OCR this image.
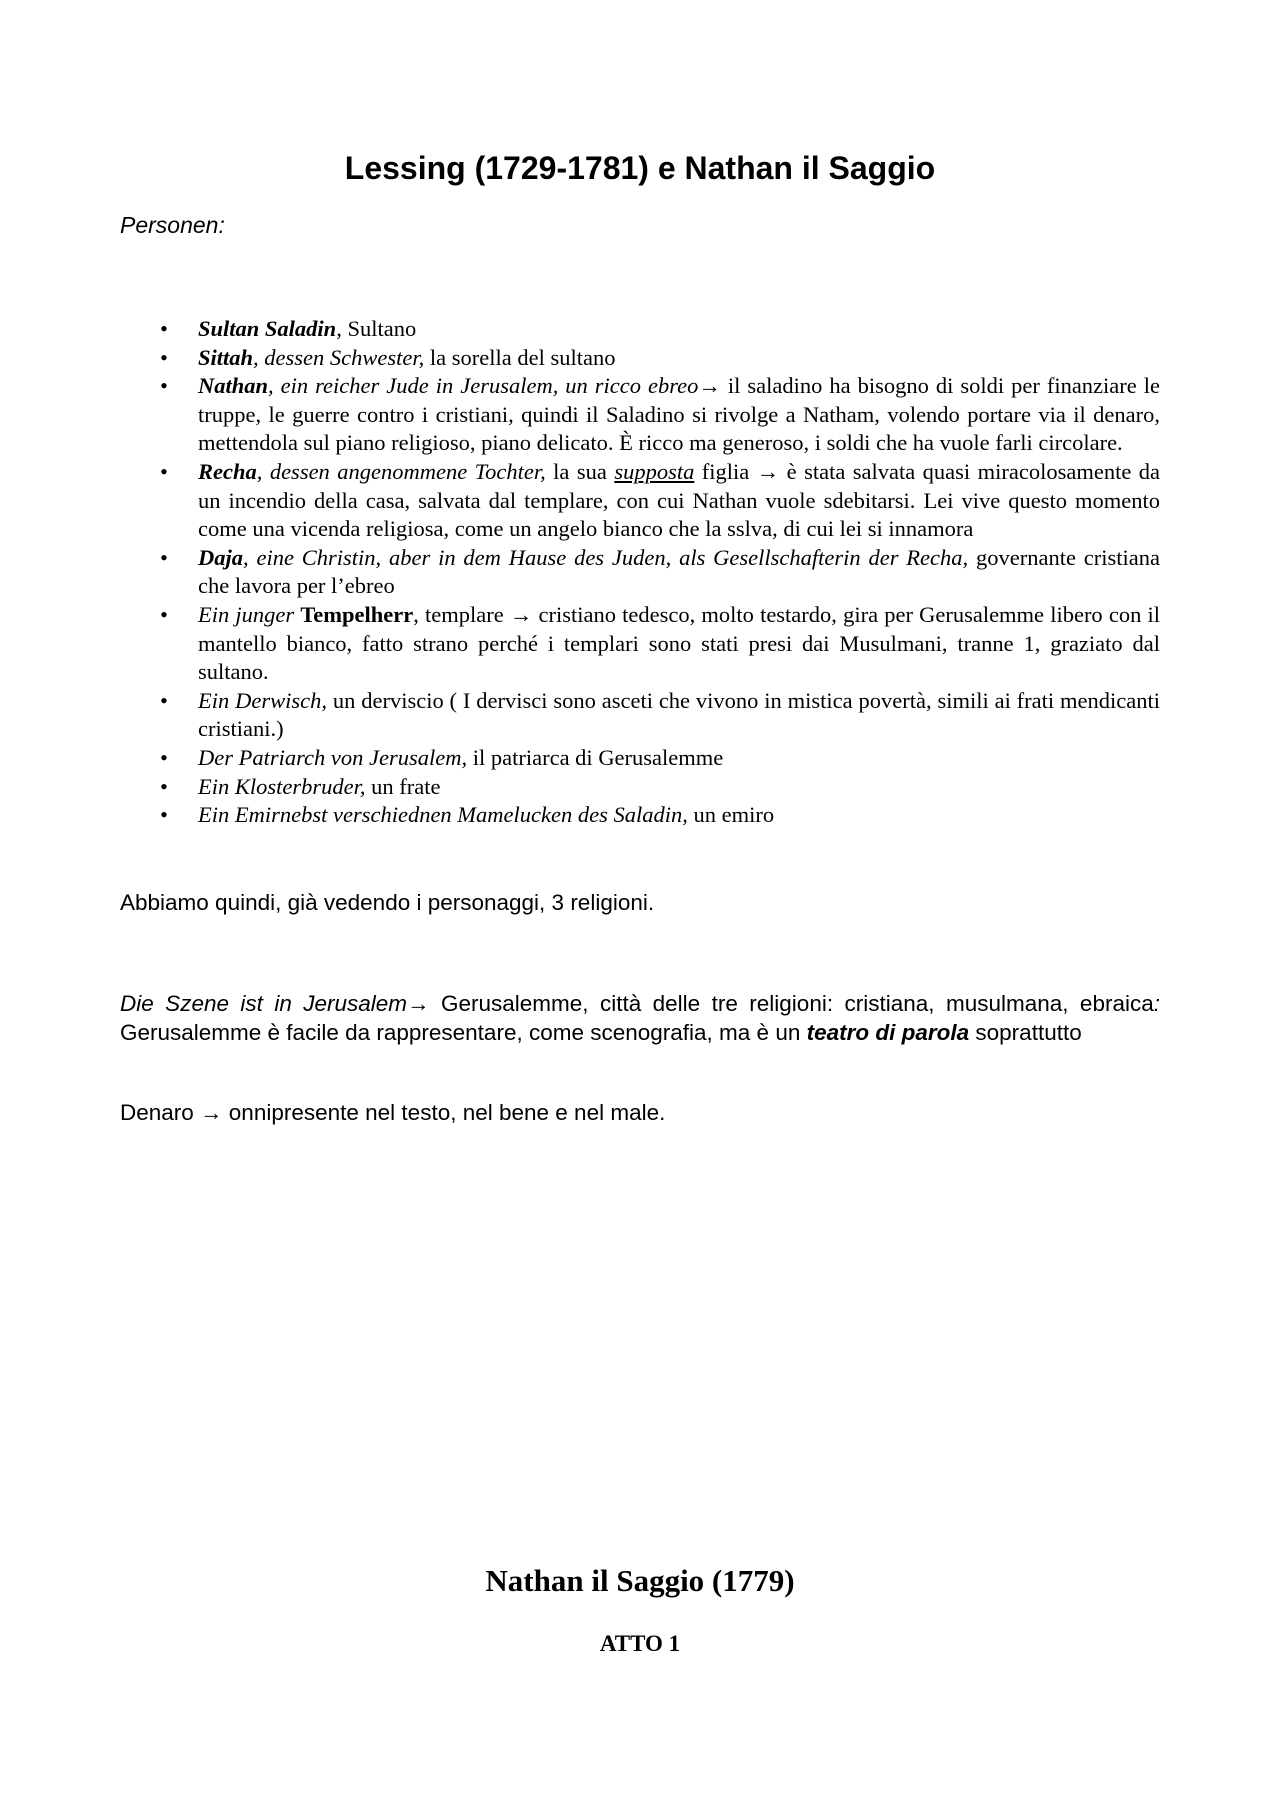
Lessing (1729-1781) e Nathan il Saggio
Personen:
• Sultan Saladin, Sultano
• Sittah, dessen Schwester, la sorella del sultano
• Nathan, ein reicher Jude in Jerusalem, un ricco ebreo→ il saladino ha bisogno di soldi per finanziare le truppe, le guerre contro i cristiani, quindi il Saladino si rivolge a Natham, volendo portare via il denaro, mettendola sul piano religioso, piano delicato. È ricco ma generoso, i soldi che ha vuole farli circolare.
• Recha, dessen angenommene Tochter, la sua supposta figlia → è stata salvata quasi miracolosamente da un incendio della casa, salvata dal templare, con cui Nathan vuole sdebitarsi. Lei vive questo momento come una vicenda religiosa, come un angelo bianco che la sslva, di cui lei si innamora
• Daja, eine Christin, aber in dem Hause des Juden, als Gesellschafterin der Recha, governante cristiana che lavora per l’ebreo
• Ein junger Tempelherr, templare → cristiano tedesco, molto testardo, gira per Gerusalemme libero con il mantello bianco, fatto strano perché i templari sono stati presi dai Musulmani, tranne 1, graziato dal sultano.
• Ein Derwisch, un derviscio ( I dervisci sono asceti che vivono in mistica povertà, simili ai frati mendicanti cristiani.)
• Der Patriarch von Jerusalem, il patriarca di Gerusalemme
• Ein Klosterbruder, un frate
• Ein Emirnebst verschiednen Mamelucken des Saladin, un emiro

Abbiamo quindi, già vedendo i personaggi, 3 religioni.

Die Szene ist in Jerusalem→ Gerusalemme, città delle tre religioni: cristiana, musulmana, ebraica: Gerusalemme è facile da rappresentare, come scenografia, ma è un teatro di parola soprattutto

Denaro → onnipresente nel testo, nel bene e nel male.

Nathan il Saggio (1779)
ATTO 1
